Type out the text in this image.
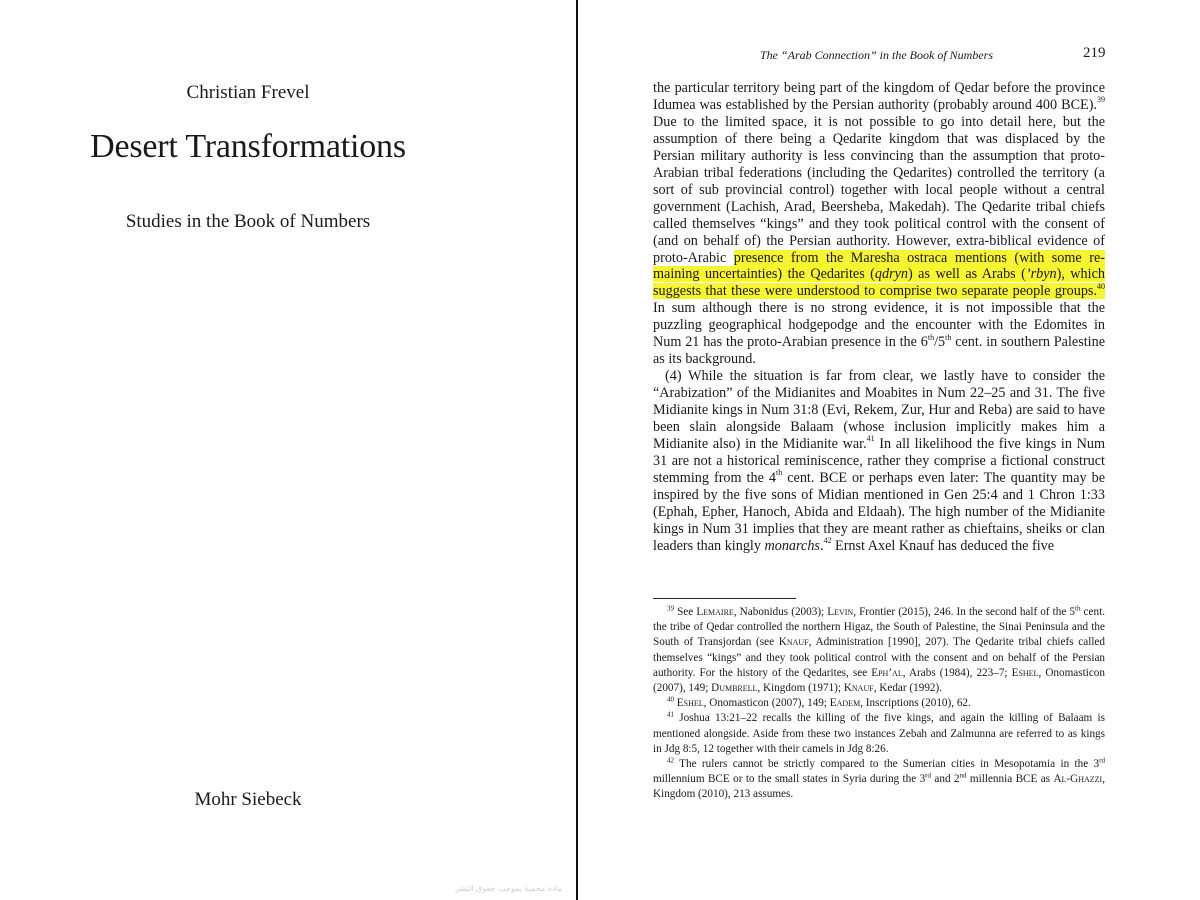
Christian Frevel
Desert Transformations
Studies in the Book of Numbers
Mohr Siebeck
مادة محمية بموجب حقوق النشر
The “Arab Connection” in the Book of Numbers	219

the particular territory being part of the kingdom of Qedar before the province Idumea was established by the Persian authority (probably around 400 BCE).$^{39}$ Due to the limited space, it is not possible to go into detail here, but the assumption of there being a Qedarite kingdom that was displaced by the Persian military authority is less convincing than the assumption that proto-Arabian tribal federations (including the Qedarites) controlled the territory (a sort of sub provincial control) together with local people without a central government (Lachish, Arad, Beersheba, Makedah). The Qedarite tribal chiefs called themselves “kings” and they took political control with the consent of (and on behalf of) the Persian authority. However, extra-biblical evidence of proto-Arabic presence from the Maresha ostraca mentions (with some remaining uncertainties) the Qedarites (qdryn) as well as Arabs (’rbyn), which suggests that these were understood to comprise two separate people groups.$^{40}$ In sum although there is no strong evidence, it is not impossible that the puzzling geographical hodgepodge and the encounter with the Edomites in Num 21 has the proto-Arabian presence in the 6th/5th cent. in southern Palestine as its background.

(4) While the situation is far from clear, we lastly have to consider the “Arabization” of the Midianites and Moabites in Num 22–25 and 31. The five Midianite kings in Num 31:8 (Evi, Rekem, Zur, Hur and Reba) are said to have been slain alongside Balaam (whose inclusion implicitly makes him a Midianite also) in the Midianite war.$^{41}$ In all likelihood the five kings in Num 31 are not a historical reminiscence, rather they comprise a fictional construct stemming from the 4th cent. BCE or perhaps even later: The quantity may be inspired by the five sons of Midian mentioned in Gen 25:4 and 1 Chron 1:33 (Ephah, Epher, Hanoch, Abida and Eldaah). The high number of the Midianite kings in Num 31 implies that they are meant rather as chieftains, sheiks or clan leaders than kingly monarchs.$^{42}$ Ernst Axel Knauf has deduced the five

$^{39}$ See Lemaire, Nabonidus (2003); Levin, Frontier (2015), 246. In the second half of the 5th cent. the tribe of Qedar controlled the northern Higaz, the South of Palestine, the Sinai Peninsula and the South of Transjordan (see Knauf, Administration [1990], 207). The Qedarite tribal chiefs called themselves “kings” and they took political control with the consent and on behalf of the Persian authority. For the history of the Qedarites, see Eph’al, Arabs (1984), 223–7; Eshel, Onomasticon (2007), 149; Dumbrell, Kingdom (1971); Knauf, Kedar (1992).

$^{40}$ Eshel, Onomasticon (2007), 149; Eadem, Inscriptions (2010), 62.

$^{41}$ Joshua 13:21–22 recalls the killing of the five kings, and again the killing of Balaam is mentioned alongside. Aside from these two instances Zebah and Zalmunna are referred to as kings in Jdg 8:5, 12 together with their camels in Jdg 8:26.

$^{42}$ The rulers cannot be strictly compared to the Sumerian cities in Mesopotamia in the 3rd millennium BCE or to the small states in Syria during the 3rd and 2nd millennia BCE as Al-Ghazzi, Kingdom (2010), 213 assumes.
